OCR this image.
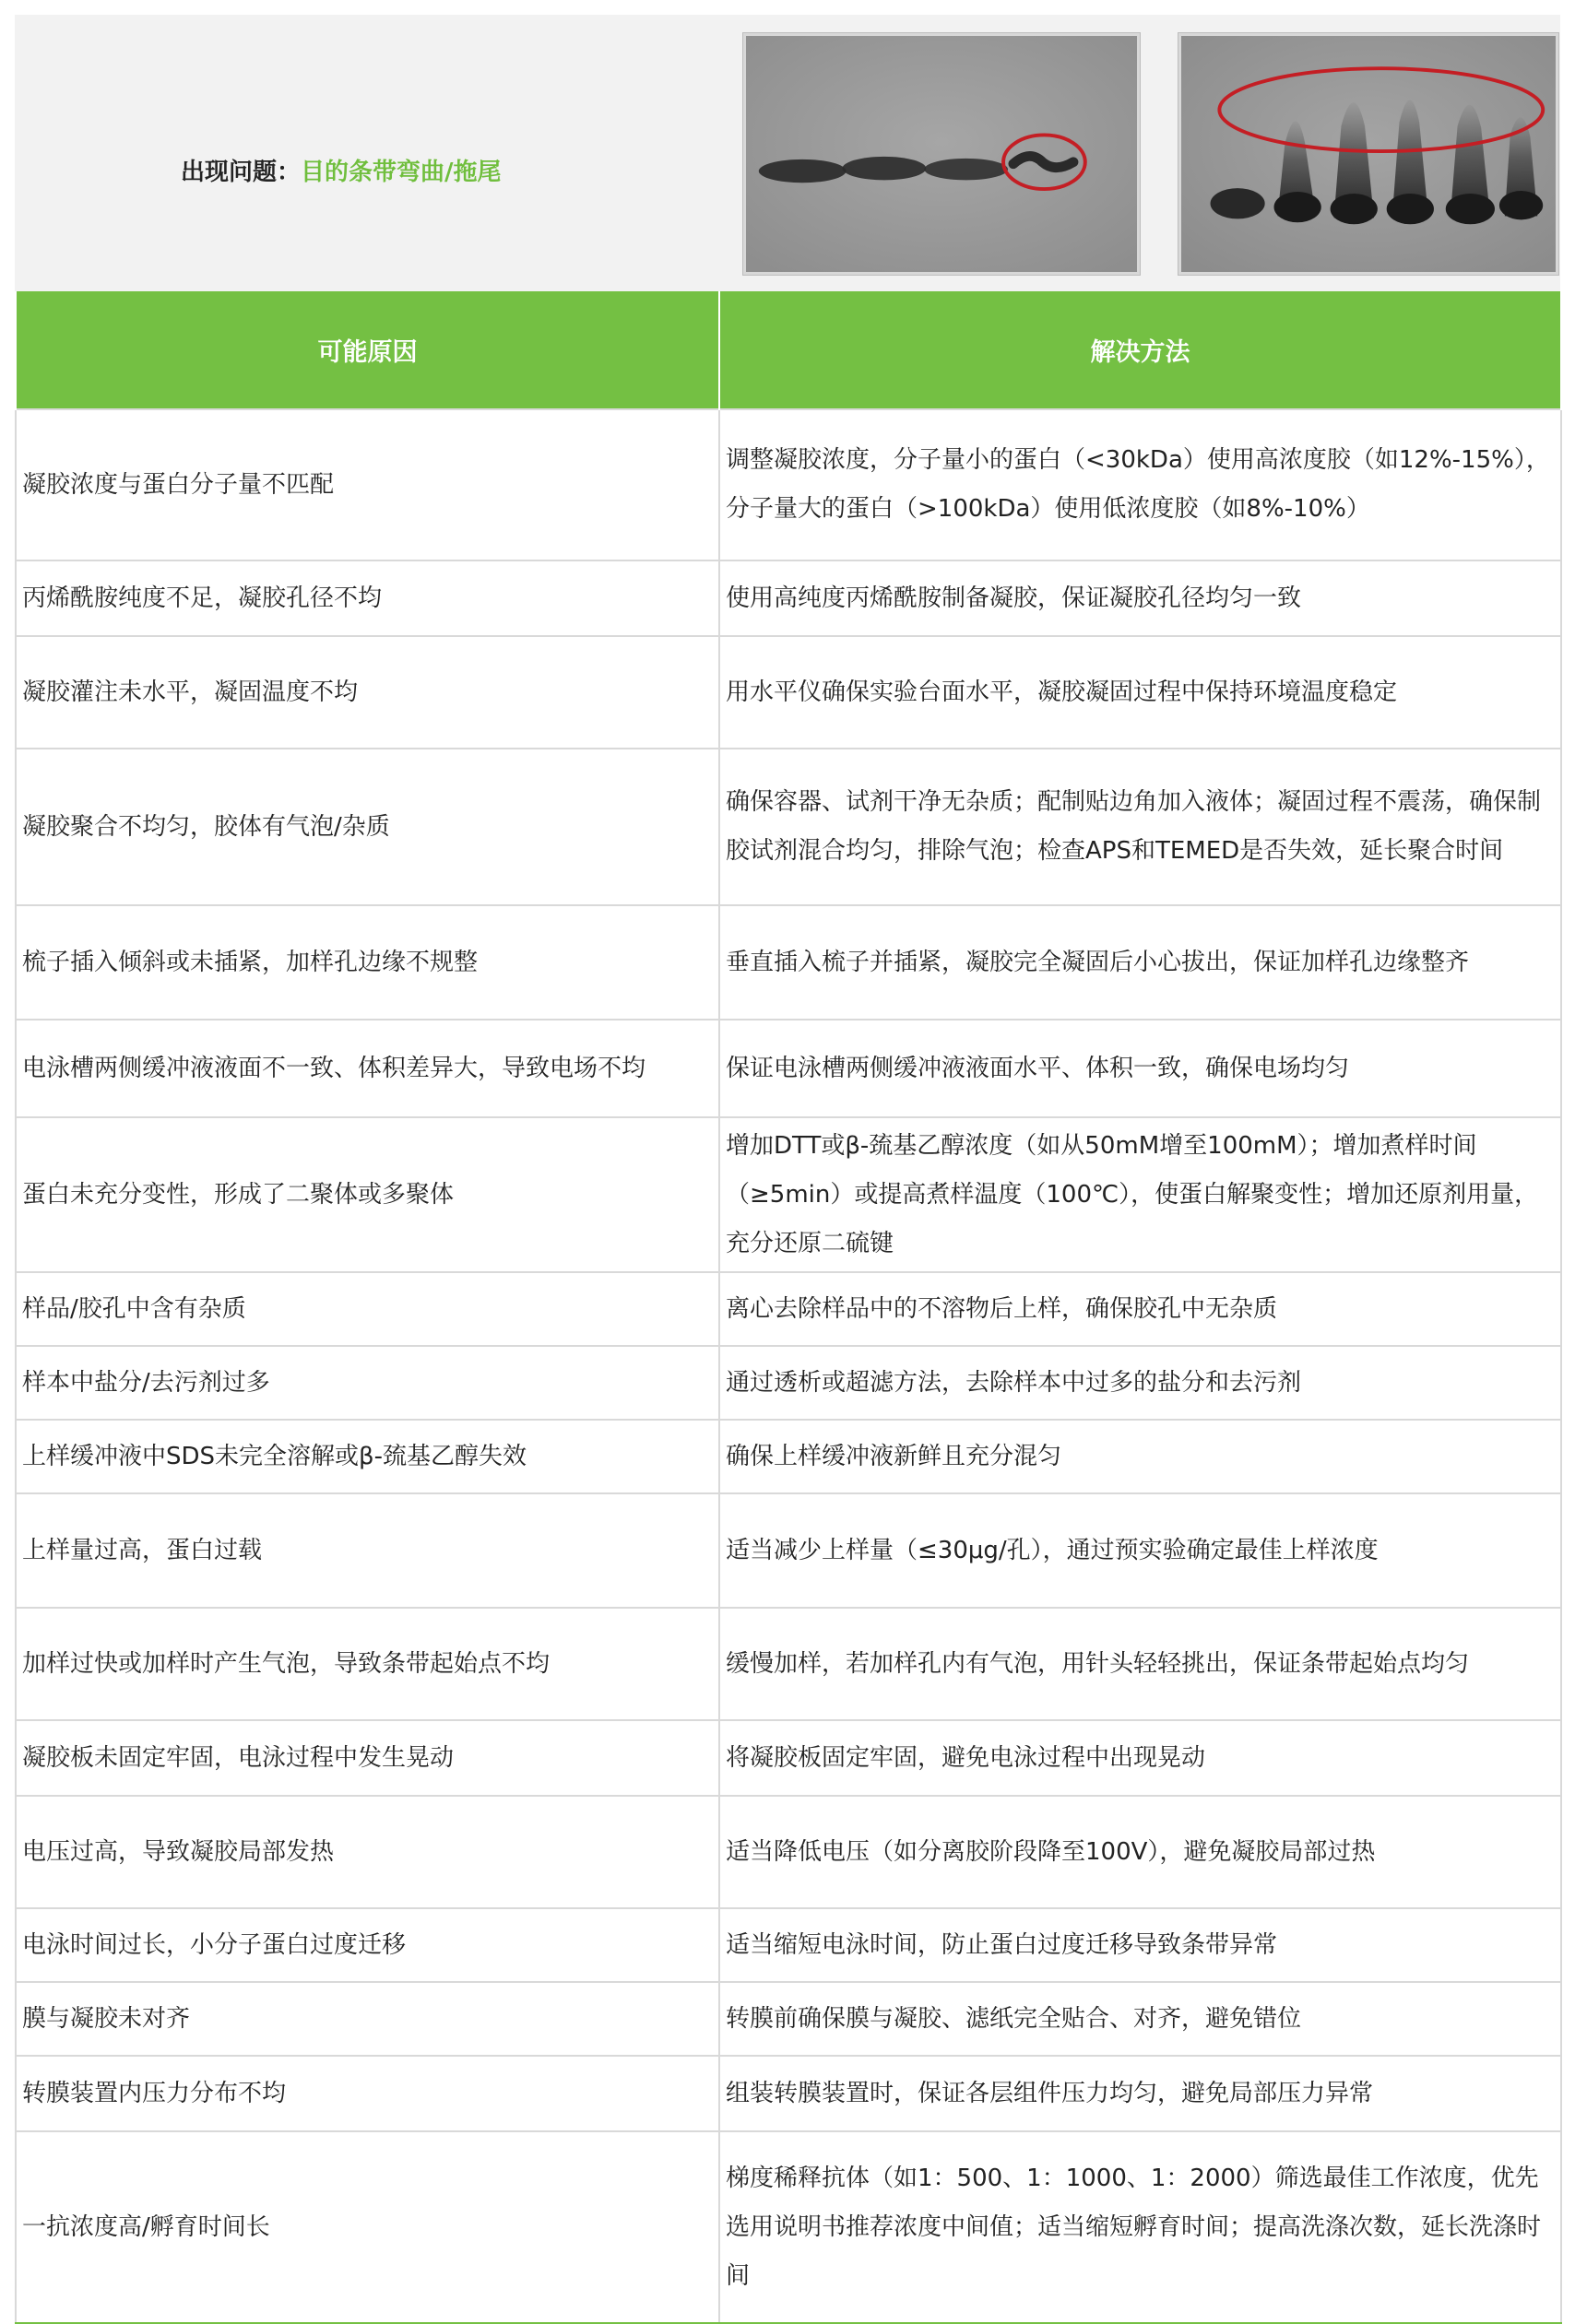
出现问题：目的条带弯曲/拖尾
可能原因	解决方法
凝胶浓度与蛋白分子量不匹配	调整凝胶浓度，分子量小的蛋白（<30kDa）使用高浓度胶（如12%-15%），分子量大的蛋白（>100kDa）使用低浓度胶（如8%-10%）
丙烯酰胺纯度不足，凝胶孔径不均	使用高纯度丙烯酰胺制备凝胶，保证凝胶孔径均匀一致
凝胶灌注未水平，凝固温度不均	用水平仪确保实验台面水平，凝胶凝固过程中保持环境温度稳定
凝胶聚合不均匀，胶体有气泡/杂质	确保容器、试剂干净无杂质；配制贴边角加入液体；凝固过程不震荡，确保制胶试剂混合均匀，排除气泡；检查APS和TEMED是否失效，延长聚合时间
梳子插入倾斜或未插紧，加样孔边缘不规整	垂直插入梳子并插紧，凝胶完全凝固后小心拔出，保证加样孔边缘整齐
电泳槽两侧缓冲液液面不一致、体积差异大，导致电场不均	保证电泳槽两侧缓冲液液面水平、体积一致，确保电场均匀
蛋白未充分变性，形成了二聚体或多聚体	增加DTT或β-巯基乙醇浓度（如从50mM增至100mM）；增加煮样时间（≥5min）或提高煮样温度（100℃），使蛋白解聚变性；增加还原剂用量，充分还原二硫键
样品/胶孔中含有杂质	离心去除样品中的不溶物后上样，确保胶孔中无杂质
样本中盐分/去污剂过多	通过透析或超滤方法，去除样本中过多的盐分和去污剂
上样缓冲液中SDS未完全溶解或β-巯基乙醇失效	确保上样缓冲液新鲜且充分混匀
上样量过高，蛋白过载	适当减少上样量（≤30μg/孔），通过预实验确定最佳上样浓度
加样过快或加样时产生气泡，导致条带起始点不均	缓慢加样，若加样孔内有气泡，用针头轻轻挑出，保证条带起始点均匀
凝胶板未固定牢固，电泳过程中发生晃动	将凝胶板固定牢固，避免电泳过程中出现晃动
电压过高，导致凝胶局部发热	适当降低电压（如分离胶阶段降至100V），避免凝胶局部过热
电泳时间过长，小分子蛋白过度迁移	适当缩短电泳时间，防止蛋白过度迁移导致条带异常
膜与凝胶未对齐	转膜前确保膜与凝胶、滤纸完全贴合、对齐，避免错位
转膜装置内压力分布不均	组装转膜装置时，保证各层组件压力均匀，避免局部压力异常
一抗浓度高/孵育时间长	梯度稀释抗体（如1：500、1：1000、1：2000）筛选最佳工作浓度，优先选用说明书推荐浓度中间值；适当缩短孵育时间；提高洗涤次数，延长洗涤时间
